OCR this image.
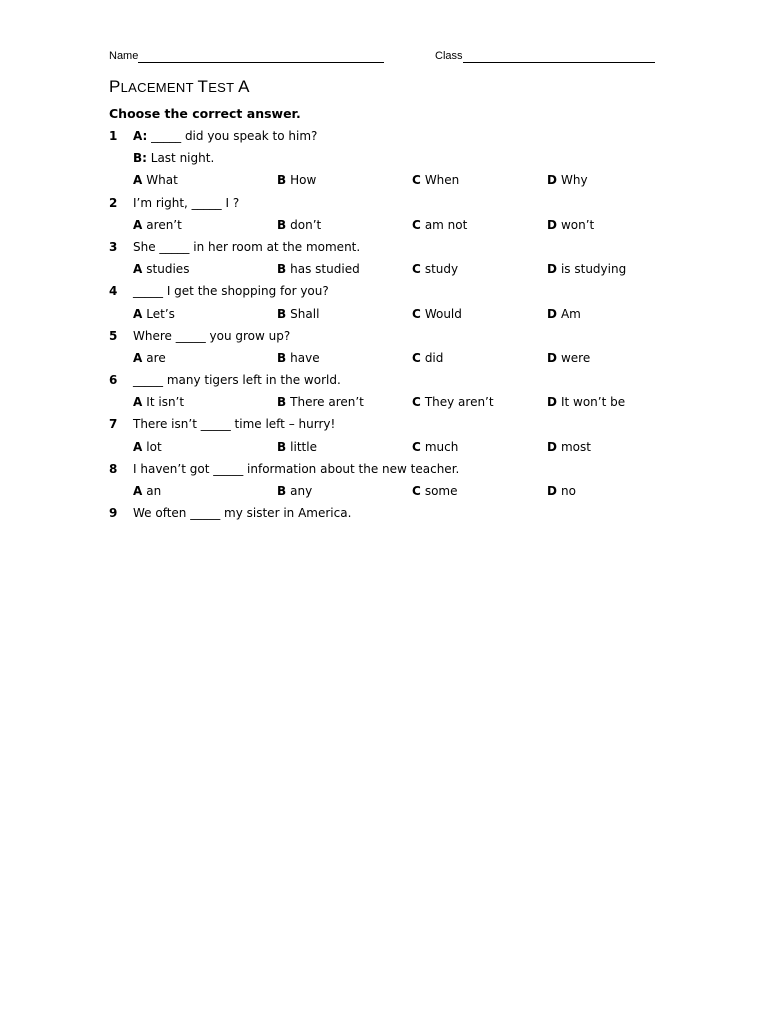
Name	Class
PLACEMENT TEST A
Choose the correct answer.
1 A: _____ did you speak to him?
B: Last night.
A What	B How	C When	D Why
2 I’m right, _____ I ?
A aren’t	B don’t	C am not	D won’t
3 She _____ in her room at the moment.
A studies	B has studied	C study	D is studying
4 _____ I get the shopping for you?
A Let’s	B Shall	C Would	D Am
5 Where _____ you grow up?
A are	B have	C did	D were
6 _____ many tigers left in the world.
A It isn’t	B There aren’t	C They aren’t	D It won’t be
7 There isn’t _____ time left – hurry!
A lot	B little	C much	D most
8 I haven’t got _____ information about the new teacher.
A an	B any	C some	D no
9 We often _____ my sister in America.
